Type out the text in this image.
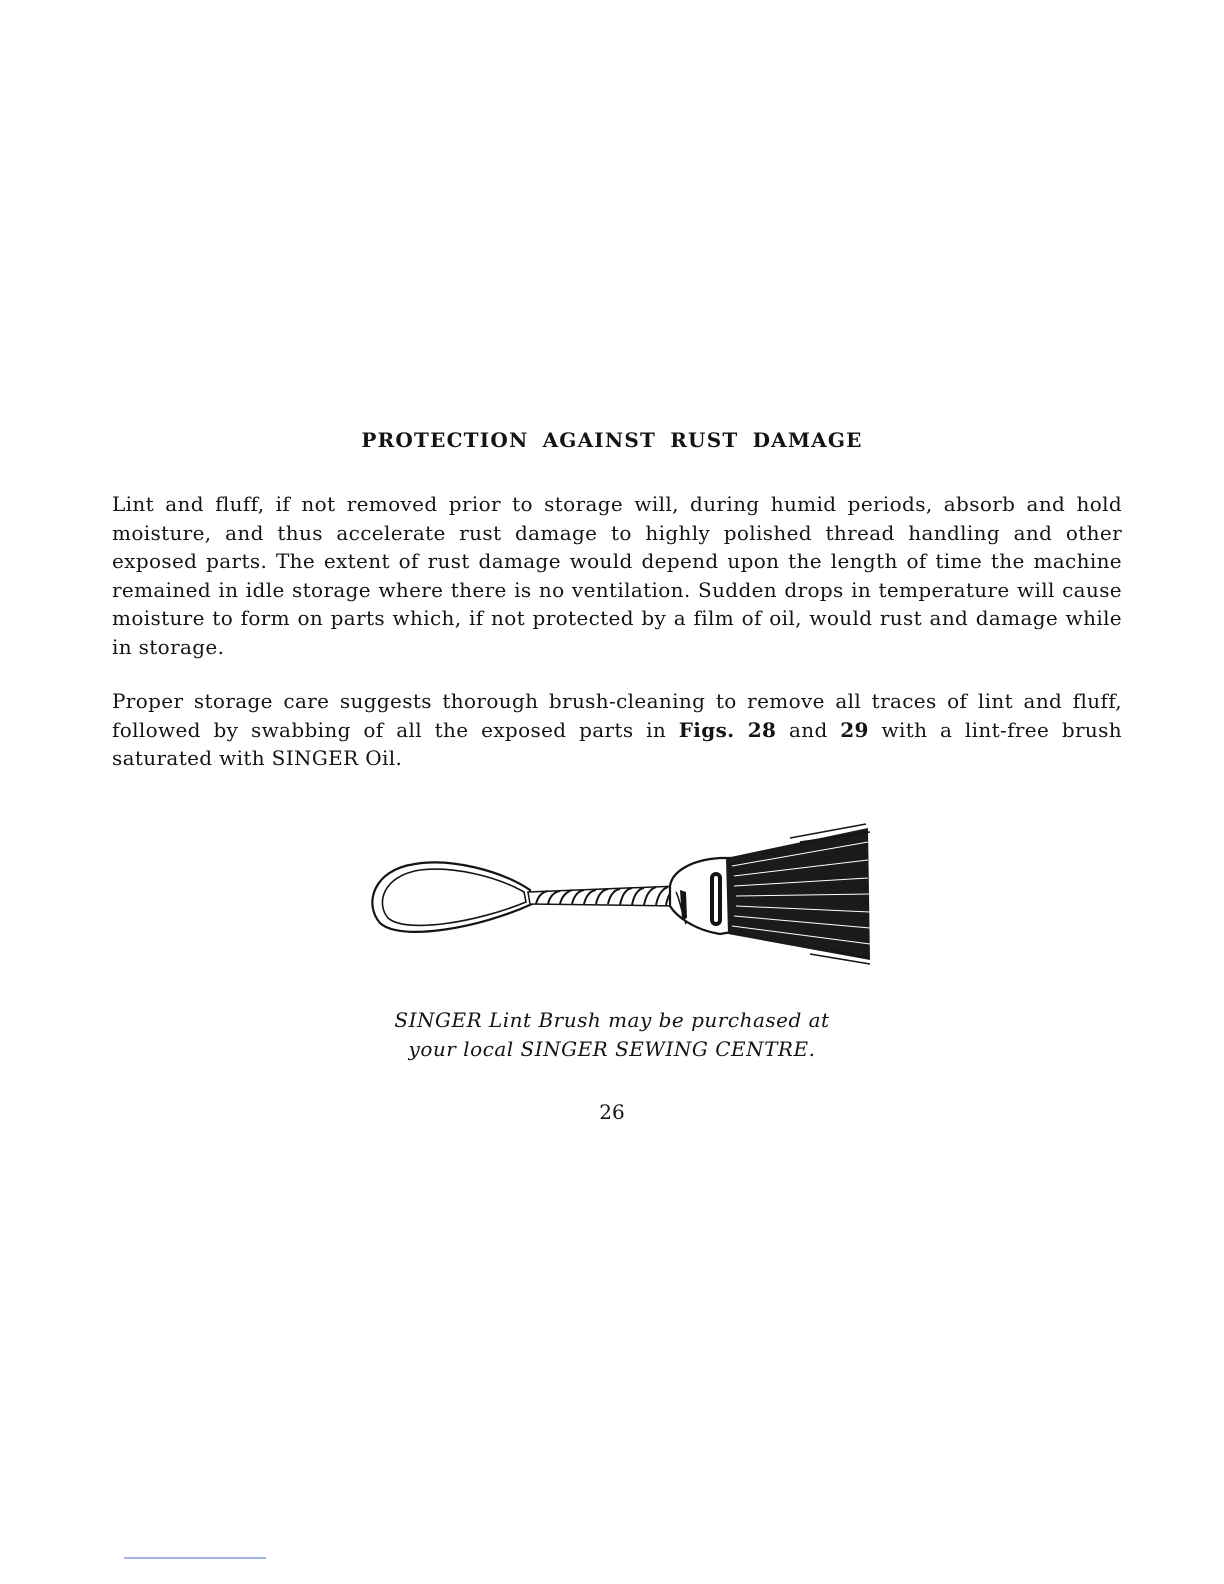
PROTECTION AGAINST RUST DAMAGE

Lint and fluff, if not removed prior to storage will, during humid periods, absorb and hold moisture, and thus accelerate rust damage to highly polished thread handling and other exposed parts. The extent of rust damage would depend upon the length of time the machine remained in idle storage where there is no ventilation. Sudden drops in temperature will cause moisture to form on parts which, if not protected by a film of oil, would rust and damage while in storage.

Proper storage care suggests thorough brush-cleaning to remove all traces of lint and fluff, followed by swabbing of all the exposed parts in Figs. 28 and 29 with a lint-free brush saturated with SINGER Oil.

SINGER Lint Brush may be purchased at
your local SINGER SEWING CENTRE.
26
